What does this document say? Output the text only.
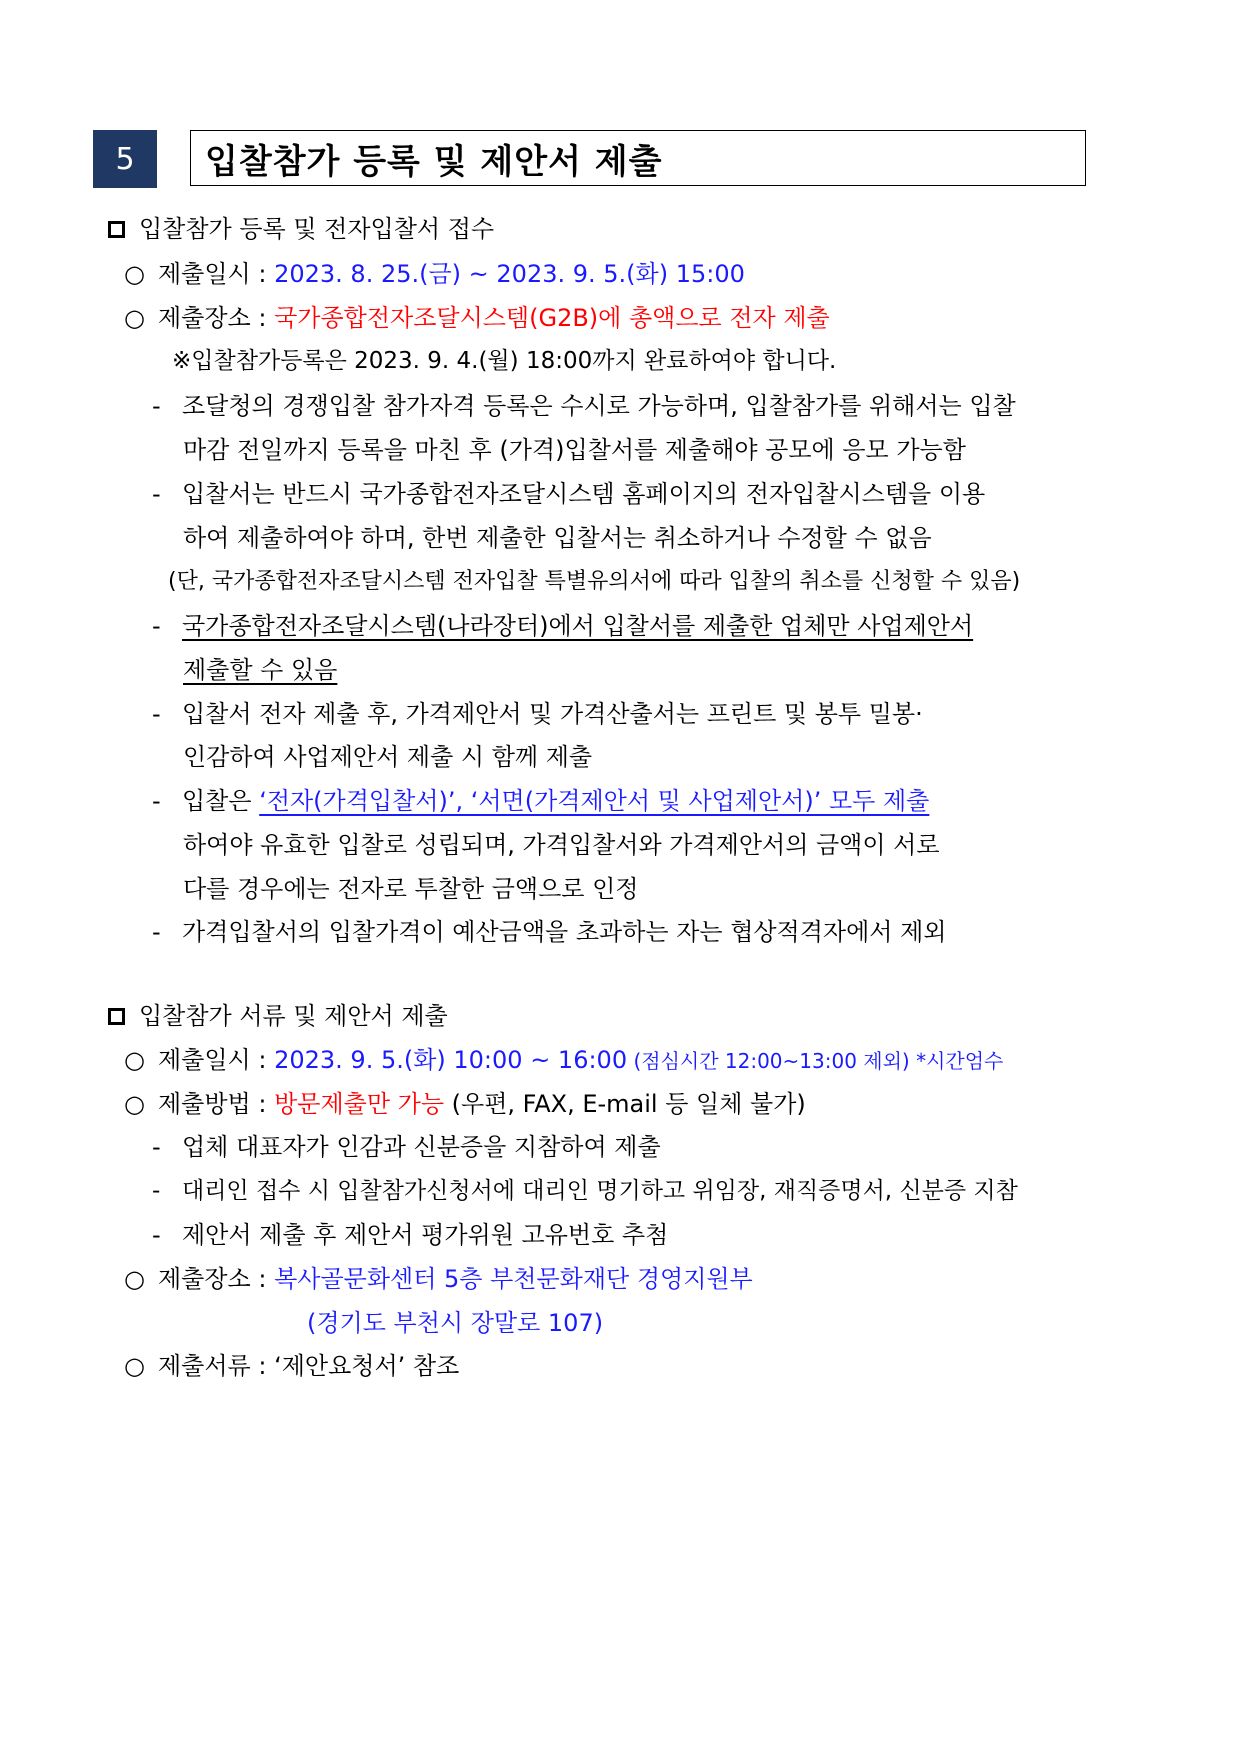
5	입찰참가 등록 및 제안서 제출
입찰참가 등록 및 전자입찰서 접수
○ 제출일시 : 2023. 8. 25.(금) ~ 2023. 9. 5.(화) 15:00
○ 제출장소 : 국가종합전자조달시스템(G2B)에 총액으로 전자 제출
※입찰참가등록은 2023. 9. 4.(월) 18:00까지 완료하여야 합니다.
- 조달청의 경쟁입찰 참가자격 등록은 수시로 가능하며, 입찰참가를 위해서는 입찰
마감 전일까지 등록을 마친 후 (가격)입찰서를 제출해야 공모에 응모 가능함
- 입찰서는 반드시 국가종합전자조달시스템 홈페이지의 전자입찰시스템을 이용
하여 제출하여야 하며, 한번 제출한 입찰서는 취소하거나 수정할 수 없음
(단, 국가종합전자조달시스템 전자입찰 특별유의서에 따라 입찰의 취소를 신청할 수 있음)
- 국가종합전자조달시스템(나라장터)에서 입찰서를 제출한 업체만 사업제안서
제출할 수 있음
- 입찰서 전자 제출 후, 가격제안서 및 가격산출서는 프린트 및 봉투 밀봉·
인감하여 사업제안서 제출 시 함께 제출
- 입찰은 ‘전자(가격입찰서)’, ‘서면(가격제안서 및 사업제안서)’ 모두 제출
하여야 유효한 입찰로 성립되며, 가격입찰서와 가격제안서의 금액이 서로
다를 경우에는 전자로 투찰한 금액으로 인정
- 가격입찰서의 입찰가격이 예산금액을 초과하는 자는 협상적격자에서 제외
입찰참가 서류 및 제안서 제출
○ 제출일시 : 2023. 9. 5.(화) 10:00 ~ 16:00 (점심시간 12:00~13:00 제외) *시간엄수
○ 제출방법 : 방문제출만 가능 (우편, FAX, E-mail 등 일체 불가)
- 업체 대표자가 인감과 신분증을 지참하여 제출
- 대리인 접수 시 입찰참가신청서에 대리인 명기하고 위임장, 재직증명서, 신분증 지참
- 제안서 제출 후 제안서 평가위원 고유번호 추첨
○ 제출장소 : 복사골문화센터 5층 부천문화재단 경영지원부
(경기도 부천시 장말로 107)
○ 제출서류 : ‘제안요청서’ 참조
